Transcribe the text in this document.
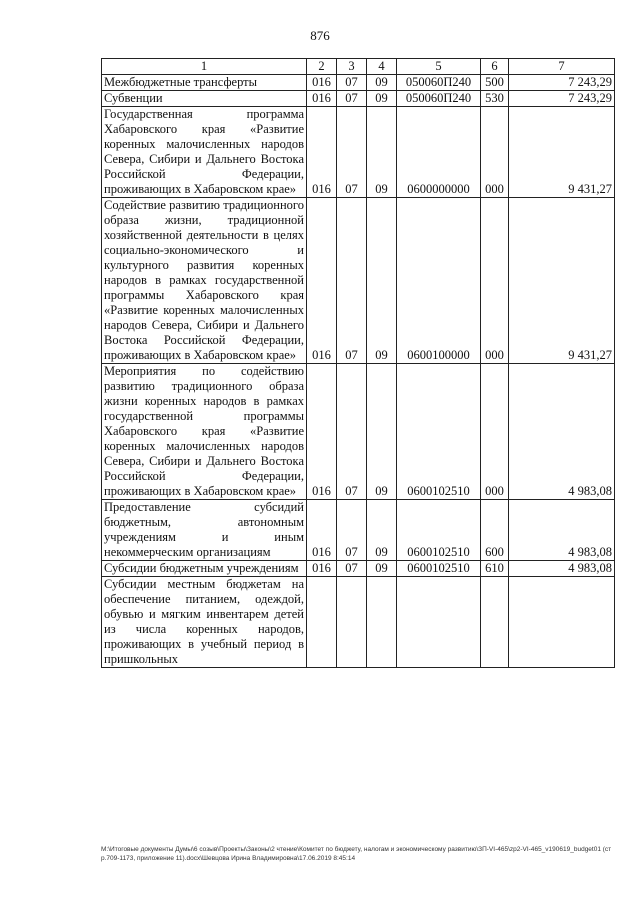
876
1	2	3	4	5	6	7
Межбюджетные трансферты	016	07	09	050060П240	500	7 243,29
Субвенции	016	07	09	050060П240	530	7 243,29
Государственная программа Хабаровского края «Развитие коренных малочисленных народов Севера, Сибири и Дальнего Востока Российской Федерации, проживающих в Хабаровском крае»	016	07	09	0600000000	000	9 431,27
Содействие развитию традиционного образа жизни, традиционной хозяйственной деятельности в целях социально-экономического и культурного развития коренных народов в рамках государственной программы Хабаровского края «Развитие коренных малочисленных народов Севера, Сибири и Дальнего Востока Российской Федерации, проживающих в Хабаровском крае»	016	07	09	0600100000	000	9 431,27
Мероприятия по содействию развитию традиционного образа жизни коренных народов в рамках государственной программы Хабаровского края «Развитие коренных малочисленных народов Севера, Сибири и Дальнего Востока Российской Федерации, проживающих в Хабаровском крае»	016	07	09	0600102510	000	4 983,08
Предоставление субсидий бюджетным, автономным учреждениям и иным некоммерческим организациям	016	07	09	0600102510	600	4 983,08
Субсидии бюджетным учреждениям	016	07	09	0600102510	610	4 983,08
Субсидии местным бюджетам на обеспечение питанием, одеждой, обувью и мягким инвентарем детей из числа коренных народов, проживающих в учебный период в пришкольных						
M:\Итоговые документы Думы\6 созыв\Проекты\Законы\2 чтение\Комитет по бюджету, налогам и экономическому развитию\ЗП-VI-465\zp2-VI-465_v190619_budget01 (стр.709-1173, приложение 11).docx\Шевцова Ирина Владимировна\17.06.2019 8:45:14
